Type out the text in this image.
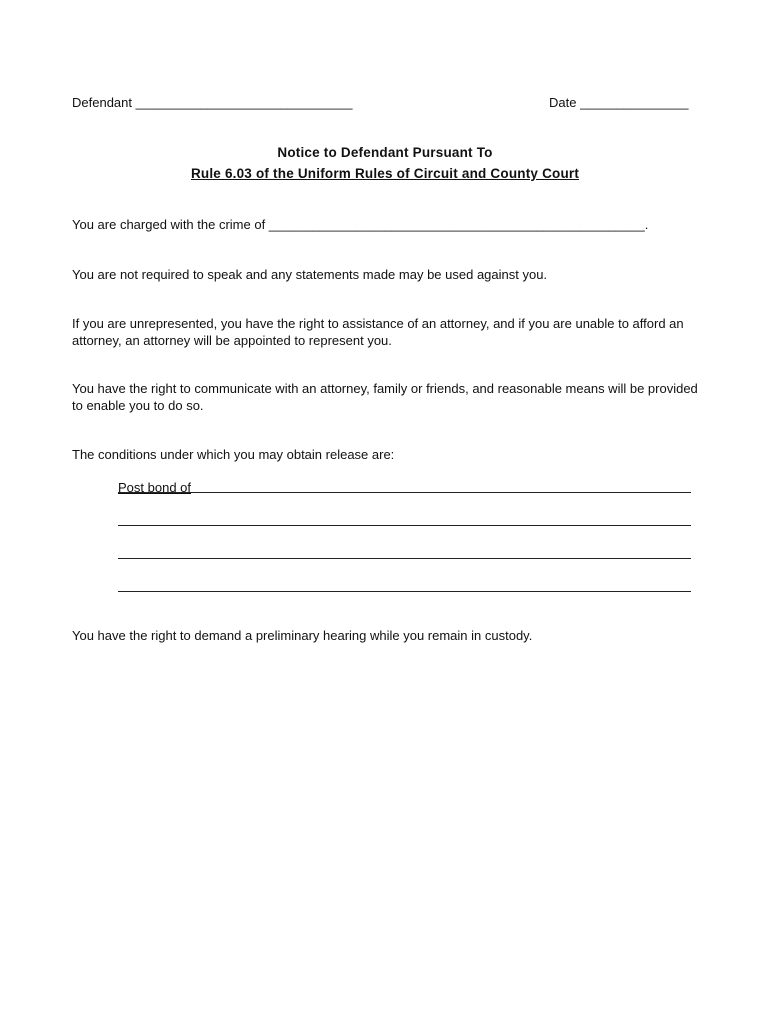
Defendant ______________________________	Date _______________

Notice to Defendant Pursuant To

Rule 6.03 of the Uniform Rules of Circuit and County Court

You are charged with the crime of ____________________________________________________.

You are not required to speak and any statements made may be used against you.

If you are unrepresented, you have the right to assistance of an attorney, and if you are unable to afford an attorney, an attorney will be appointed to represent you.

You have the right to communicate with an attorney, family or friends, and reasonable means will be provided to enable you to do so.

The conditions under which you may obtain release are:

Post bond of

You have the right to demand a preliminary hearing while you remain in custody.
